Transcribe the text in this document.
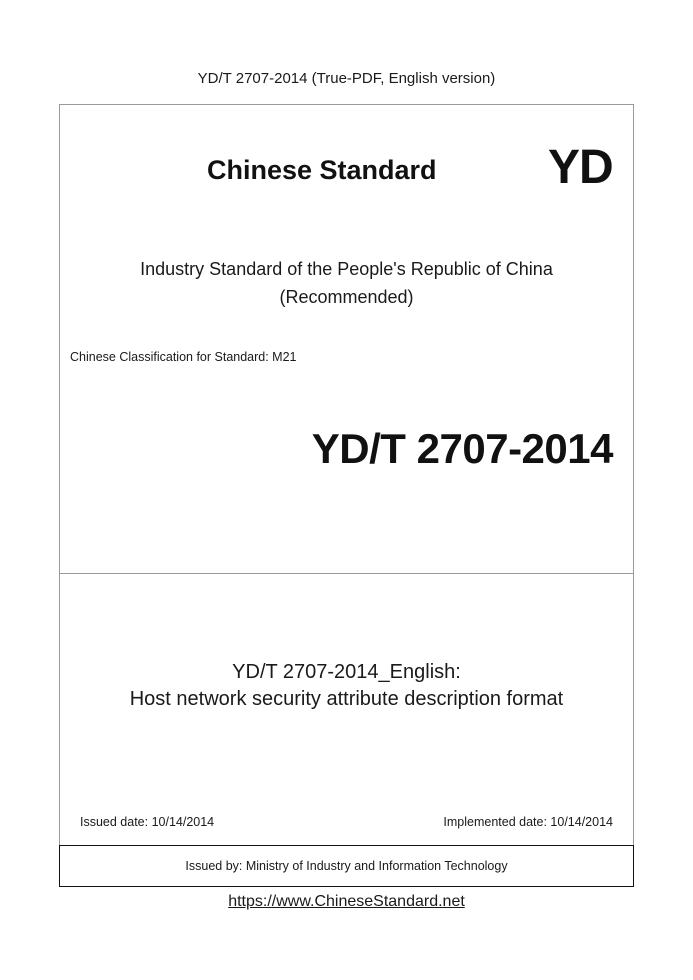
YD/T 2707-2014 (True-PDF, English version)
Chinese Standard YD
Industry Standard of the People's Republic of China
(Recommended)
Chinese Classification for Standard: M21
YD/T 2707-2014
YD/T 2707-2014_English:
Host network security attribute description format
Issued date: 10/14/2014	Implemented date: 10/14/2014
Issued by: Ministry of Industry and Information Technology
https://www.ChineseStandard.net
